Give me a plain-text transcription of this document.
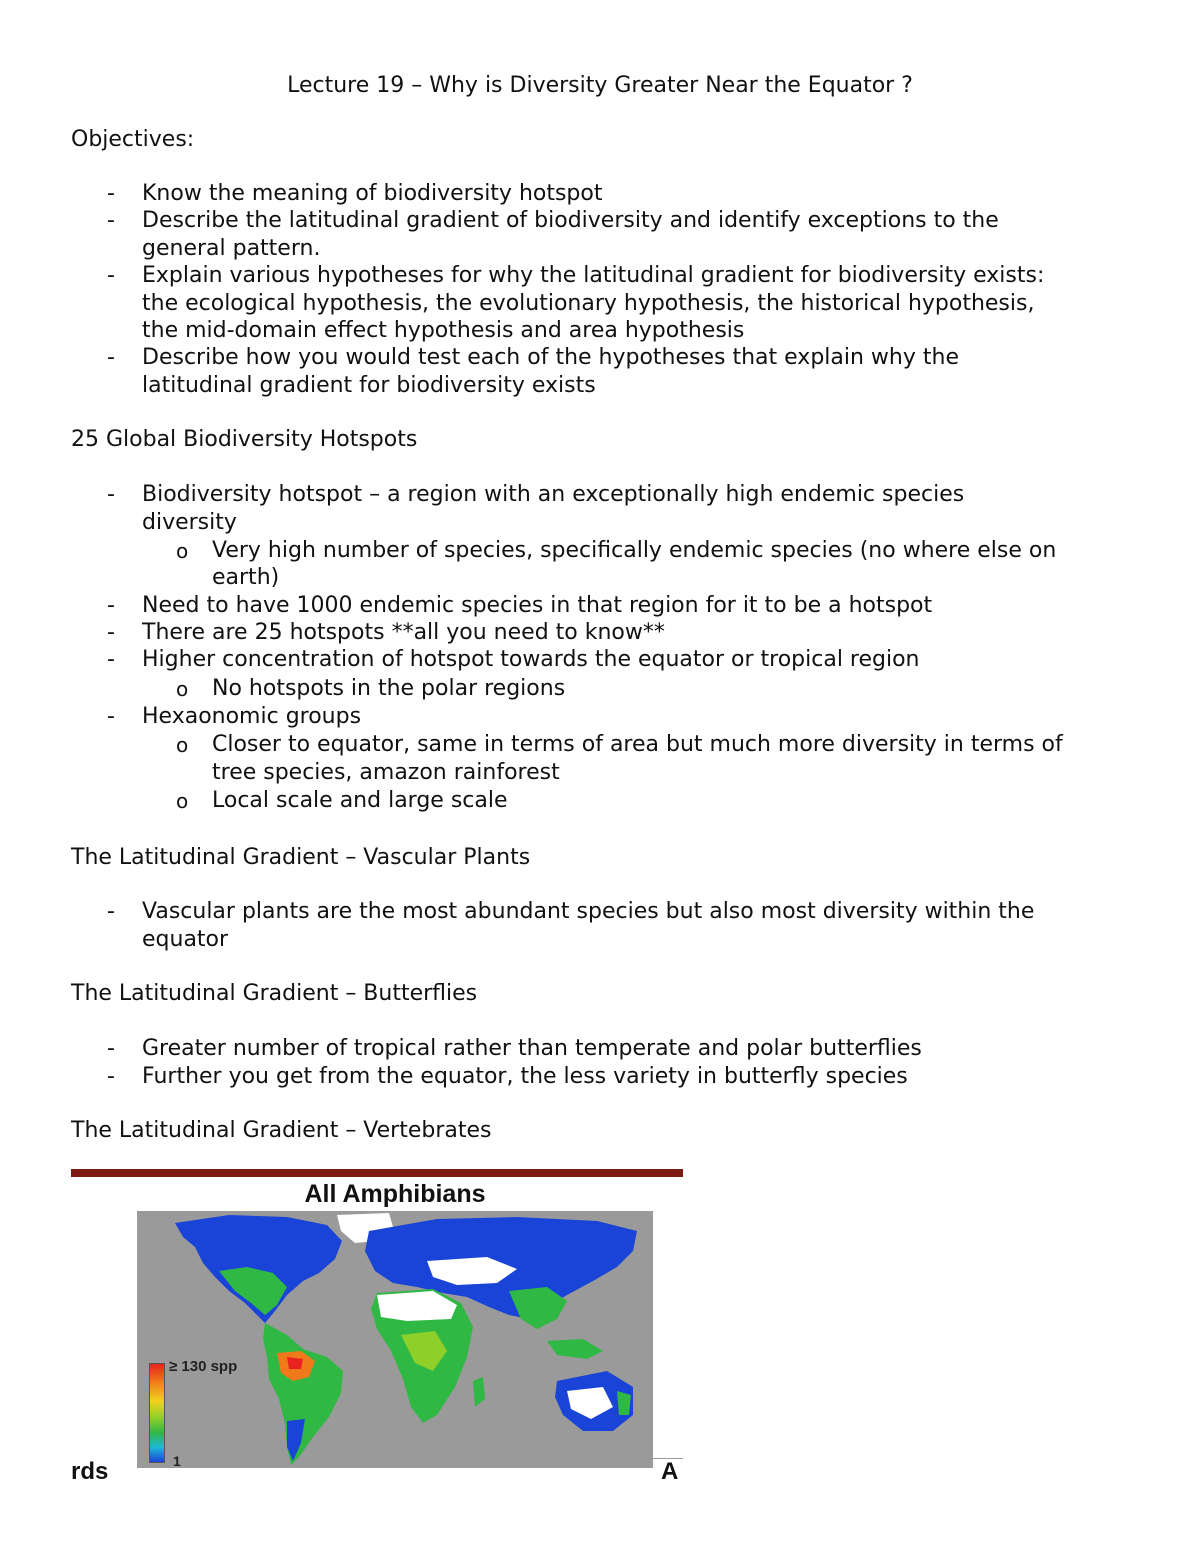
Lecture 19 – Why is Diversity Greater Near the Equator ?
Objectives:
- Know the meaning of biodiversity hotspot
- Describe the latitudinal gradient of biodiversity and identify exceptions to the
general pattern.
- Explain various hypotheses for why the latitudinal gradient for biodiversity exists:
the ecological hypothesis, the evolutionary hypothesis, the historical hypothesis,
the mid-domain effect hypothesis and area hypothesis
- Describe how you would test each of the hypotheses that explain why the
latitudinal gradient for biodiversity exists
25 Global Biodiversity Hotspots
- Biodiversity hotspot – a region with an exceptionally high endemic species
diversity
o Very high number of species, specifically endemic species (no where else on
earth)
- Need to have 1000 endemic species in that region for it to be a hotspot
- There are 25 hotspots **all you need to know**
- Higher concentration of hotspot towards the equator or tropical region
o No hotspots in the polar regions
- Hexaonomic groups
o Closer to equator, same in terms of area but much more diversity in terms of
tree species, amazon rainforest
o Local scale and large scale
The Latitudinal Gradient – Vascular Plants
- Vascular plants are the most abundant species but also most diversity within the
equator
The Latitudinal Gradient – Butterflies
- Greater number of tropical rather than temperate and polar butterflies
- Further you get from the equator, the less variety in butterfly species
The Latitudinal Gradient – Vertebrates
All Amphibians
≥ 130 spp
1
rds	A
